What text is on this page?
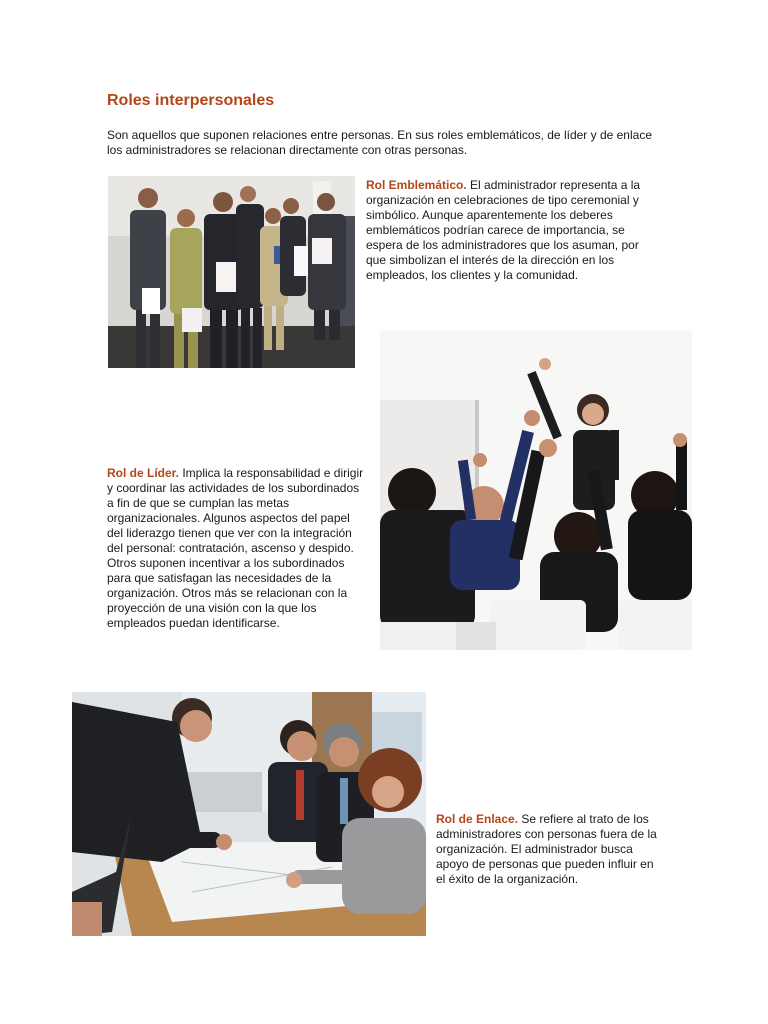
Roles interpersonales

Son aquellos que suponen relaciones entre personas. En sus roles emblemáticos, de líder y de enlace los administradores se relacionan directamente con otras personas.

Rol Emblemático. El administrador representa a la organización en celebraciones de tipo ceremonial y simbólico. Aunque aparentemente los deberes emblemáticos podrían carece de importancia, se espera de los administradores que los asuman, por que simbolizan el interés de la dirección en los empleados, los clientes y la comunidad.

Rol de Líder. Implica la responsabilidad e dirigir y coordinar las actividades de los subordinados a fin de que se cumplan las metas organizacionales. Algunos aspectos del papel del liderazgo tienen que ver con la integración del personal: contratación, ascenso y despido. Otros suponen incentivar a los subordinados para que satisfagan las necesidades de la organización. Otros más se relacionan con la proyección de una visión con la que los empleados puedan identificarse.

Rol de Enlace. Se refiere al trato de los administradores con personas fuera de la organización. El administrador busca apoyo de personas que pueden influir en el éxito de la organización.
